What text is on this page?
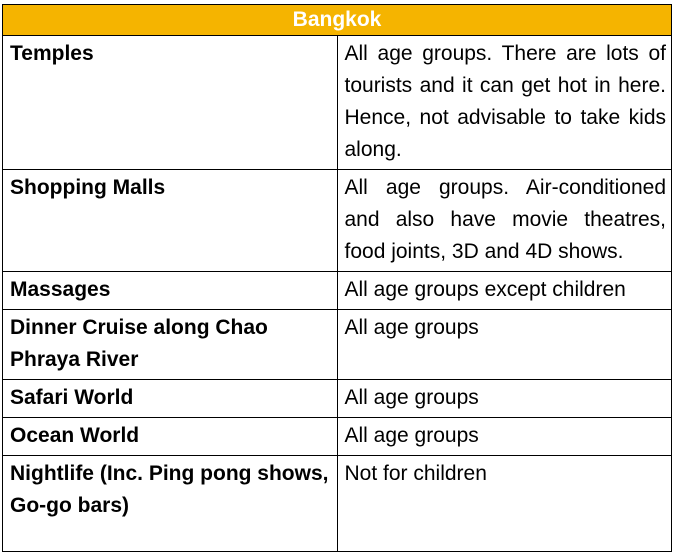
Bangkok	
Temples	All age groups. There are lots of tourists and it can get hot in here. Hence, not advisable to take kids along.
Shopping Malls	All age groups. Air-conditioned and also have movie theatres, food joints, 3D and 4D shows.
Massages	All age groups except children
Dinner Cruise along Chao Phraya River	All age groups
Safari World	All age groups
Ocean World	All age groups
Nightlife (Inc. Ping pong shows, Go-go bars)	Not for children
